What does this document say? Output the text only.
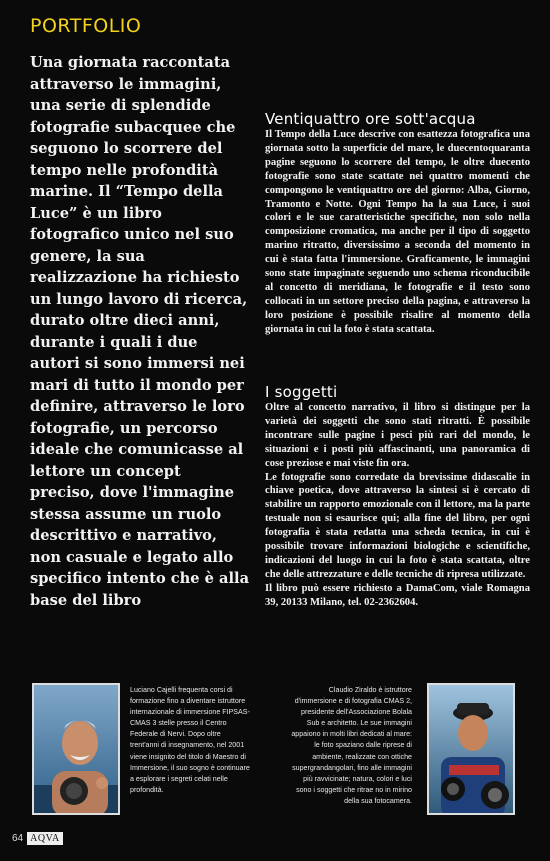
PORTFOLIO

Una giornata raccontata attraverso le immagini, una serie di splendide fotografie subacquee che seguono lo scorrere del tempo nelle profondità marine. Il “Tempo della Luce” è un libro fotografico unico nel suo genere, la sua realizzazione ha richiesto un lungo lavoro di ricerca, durato oltre dieci anni, durante i quali i due autori si sono immersi nei mari di tutto il mondo per definire, attraverso le loro fotografie, un percorso ideale che comunicasse al lettore un concept preciso, dove l'immagine stessa assume un ruolo descrittivo e narrativo, non casuale e legato allo specifico intento che è alla base del libro

Ventiquattro ore sott'acqua

Il Tempo della Luce descrive con esattezza fotografica una giornata sotto la superficie del mare, le duecentoquaranta pagine seguono lo scorrere del tempo, le oltre duecento fotografie sono state scattate nei quattro momenti che compongono le ventiquattro ore del giorno: Alba, Giorno, Tramonto e Notte. Ogni Tempo ha la sua Luce, i suoi colori e le sue caratteristiche specifiche, non solo nella composizione cromatica, ma anche per il tipo di soggetto marino ritratto, diversissimo a seconda del momento in cui è stata fatta l'immersione. Graficamente, le immagini sono state impaginate seguendo uno schema riconducibile al concetto di meridiana, le fotografie e il testo sono collocati in un settore preciso della pagina, e attraverso la loro posizione è possibile risalire al momento della giornata in cui la foto è stata scattata.

I soggetti

Oltre al concetto narrativo, il libro si distingue per la varietà dei soggetti che sono stati ritratti. È possibile incontrare sulle pagine i pesci più rari del mondo, le situazioni e i posti più affascinanti, una panoramica di cose preziose e mai viste fin ora.

Le fotografie sono corredate da brevissime didascalie in chiave poetica, dove attraverso la sintesi si è cercato di stabilire un rapporto emozionale con il lettore, ma la parte testuale non si esaurisce qui; alla fine del libro, per ogni fotografia è stata redatta una scheda tecnica, in cui è possibile trovare informazioni biologiche e scientifiche, indicazioni del luogo in cui la foto è stata scattata, oltre che delle attrezzature e delle tecniche di ripresa utilizzate.

Il libro può essere richiesto a DamaCom, viale Romagna 39, 20133 Milano, tel. 02-2362604.

Luciano Cajelli frequenta corsi di formazione fino a diventare istruttore internazionale di immersione FIPSAS-CMAS 3 stelle presso il Centro Federale di Nervi. Dopo oltre trent'anni di insegnamento, nel 2001 viene insignito del titolo di Maestro di Immersione, il suo sogno è continuare a esplorare i segreti celati nelle profondità.

Claudio Ziraldo è istruttore d'immersione e di fotografia CMAS 2, presidente dell'Associazione Bolala Sub e architetto. Le sue immagini appaiono in molti libri dedicati al mare: le foto spaziano dalle riprese di ambiente, realizzate con ottiche supergrandangolari, fino alle immagini più ravvicinate; natura, colori e luci sono i soggetti che ritrae no in mirino della sua fotocamera.

64 AQVA
